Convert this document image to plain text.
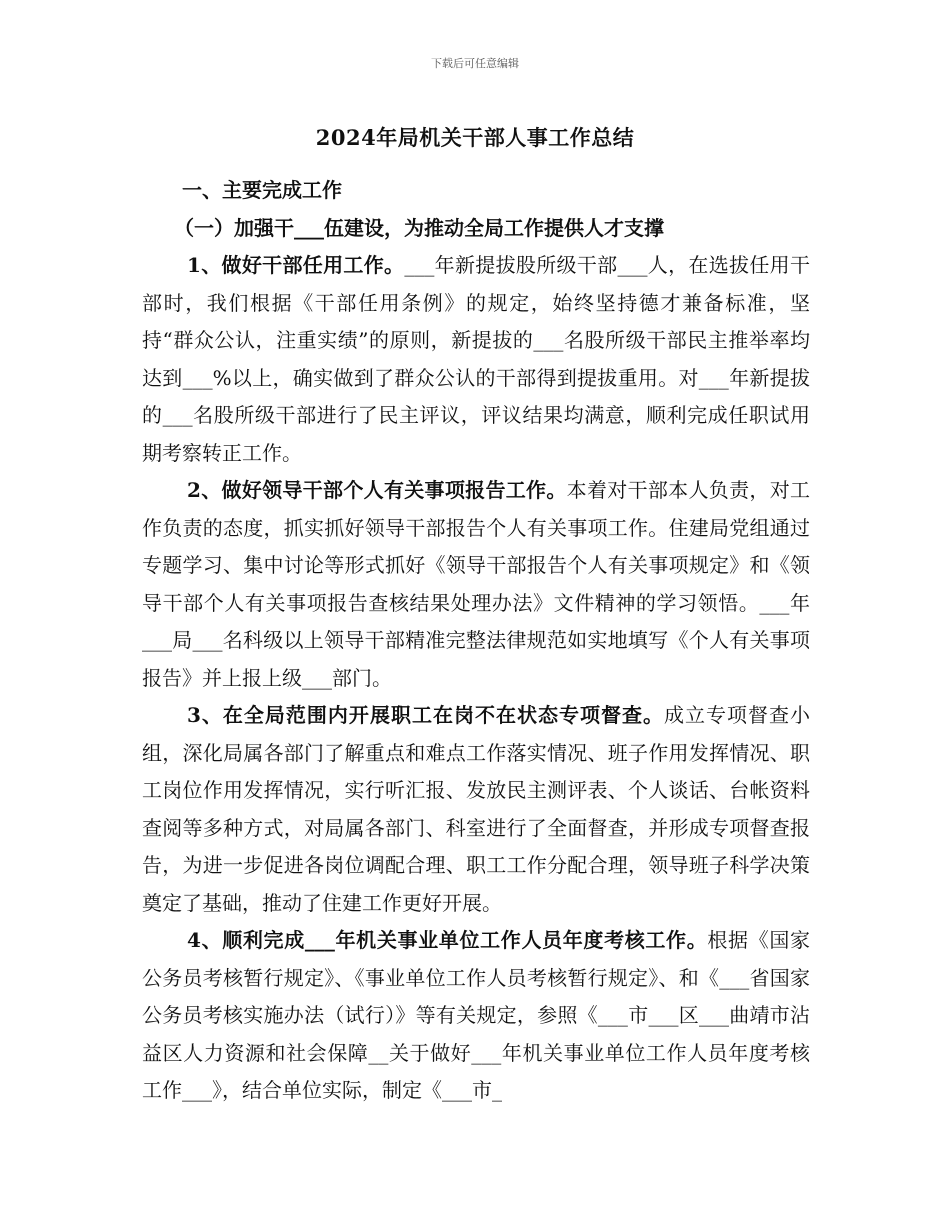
下载后可任意编辑
2024年局机关干部人事工作总结

一、主要完成工作

（一）加强干___伍建设，为推动全局工作提供人才支撑

1、做好干部任用工作。___年新提拔股所级干部___人，在选拔任用干部时，我们根据《干部任用条例》的规定，始终坚持德才兼备标准，坚持“群众公认，注重实绩”的原则，新提拔的___名股所级干部民主推举率均达到___%以上，确实做到了群众公认的干部得到提拔重用。对___年新提拔的___名股所级干部进行了民主评议，评议结果均满意，顺利完成任职试用期考察转正工作。

2、做好领导干部个人有关事项报告工作。本着对干部本人负责，对工作负责的态度，抓实抓好领导干部报告个人有关事项工作。住建局党组通过专题学习、集中讨论等形式抓好《领导干部报告个人有关事项规定》和《领导干部个人有关事项报告查核结果处理办法》文件精神的学习领悟。___年___局___名科级以上领导干部精准完整法律规范如实地填写《个人有关事项报告》并上报上级___部门。

3、在全局范围内开展职工在岗不在状态专项督查。成立专项督查小组，深化局属各部门了解重点和难点工作落实情况、班子作用发挥情况、职工岗位作用发挥情况，实行听汇报、发放民主测评表、个人谈话、台帐资料查阅等多种方式，对局属各部门、科室进行了全面督查，并形成专项督查报告，为进一步促进各岗位调配合理、职工工作分配合理，领导班子科学决策奠定了基础，推动了住建工作更好开展。

4、顺利完成___年机关事业单位工作人员年度考核工作。根据《国家公务员考核暂行规定》、《事业单位工作人员考核暂行规定》、和《___省国家公务员考核实施办法（试行）》等有关规定，参照《___市___区___曲靖市沾益区人力资源和社会保障__关于做好___年机关事业单位工作人员年度考核工作___》，结合单位实际，制定《___市_
